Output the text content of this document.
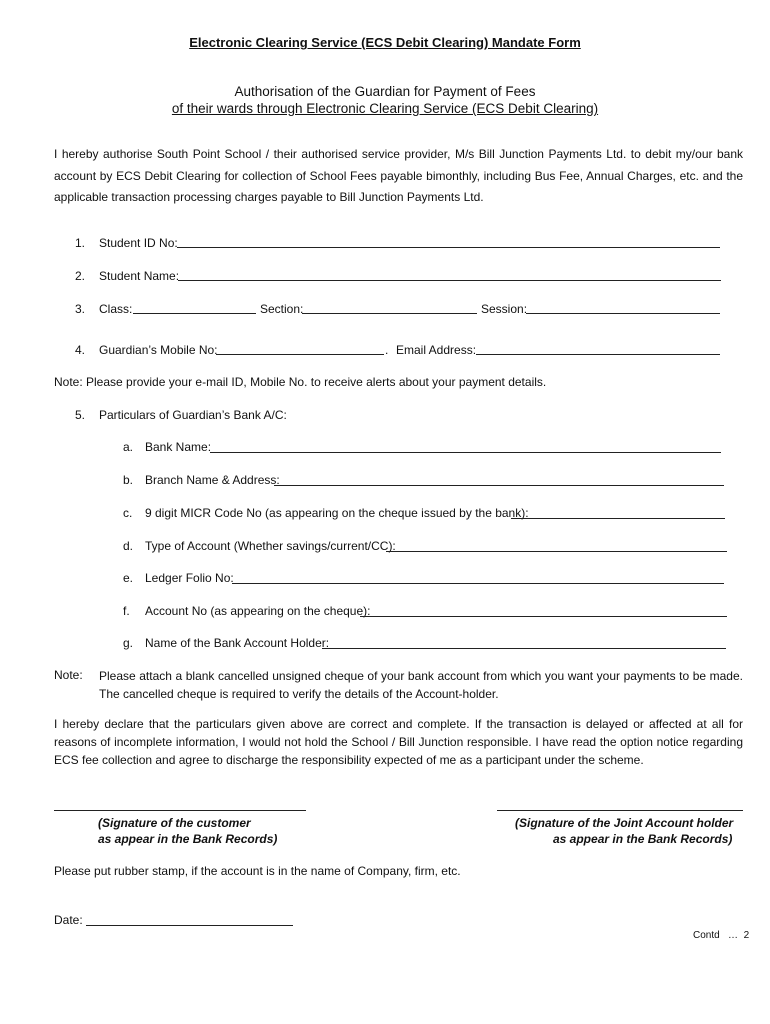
Electronic Clearing Service (ECS Debit Clearing) Mandate Form
Authorisation of the Guardian for Payment of Fees
of their wards through Electronic Clearing Service (ECS Debit Clearing)
I hereby authorise South Point School / their authorised service provider, M/s Bill Junction Payments Ltd. to debit my/our bank account by ECS Debit Clearing for collection of School Fees payable bimonthly, including Bus Fee, Annual Charges, etc. and the applicable transaction processing charges payable to Bill Junction Payments Ltd.
1. Student ID No:
2. Student Name:
3. Class:	Section:	Session:
4. Guardian’s Mobile No:	. Email Address:
Note: Please provide your e-mail ID, Mobile No. to receive alerts about your payment details.
5. Particulars of Guardian’s Bank A/C:
a. Bank Name:
b. Branch Name & Address:
c. 9 digit MICR Code No (as appearing on the cheque issued by the bank):
d. Type of Account (Whether savings/current/CC):
e. Ledger Folio No:
f. Account No (as appearing on the cheque):
g. Name of the Bank Account Holder:
Note: Please attach a blank cancelled unsigned cheque of your bank account from which you want your payments to be made. The cancelled cheque is required to verify the details of the Account-holder.
I hereby declare that the particulars given above are correct and complete. If the transaction is delayed or affected at all for reasons of incomplete information, I would not hold the School / Bill Junction responsible. I have read the option notice regarding ECS fee collection and agree to discharge the responsibility expected of me as a participant under the scheme.
(Signature of the customer
as appear in the Bank Records)
(Signature of the Joint Account holder
as appear in the Bank Records)
Please put rubber stamp, if the account is in the name of Company, firm, etc.
Date:
Contd   …  2
